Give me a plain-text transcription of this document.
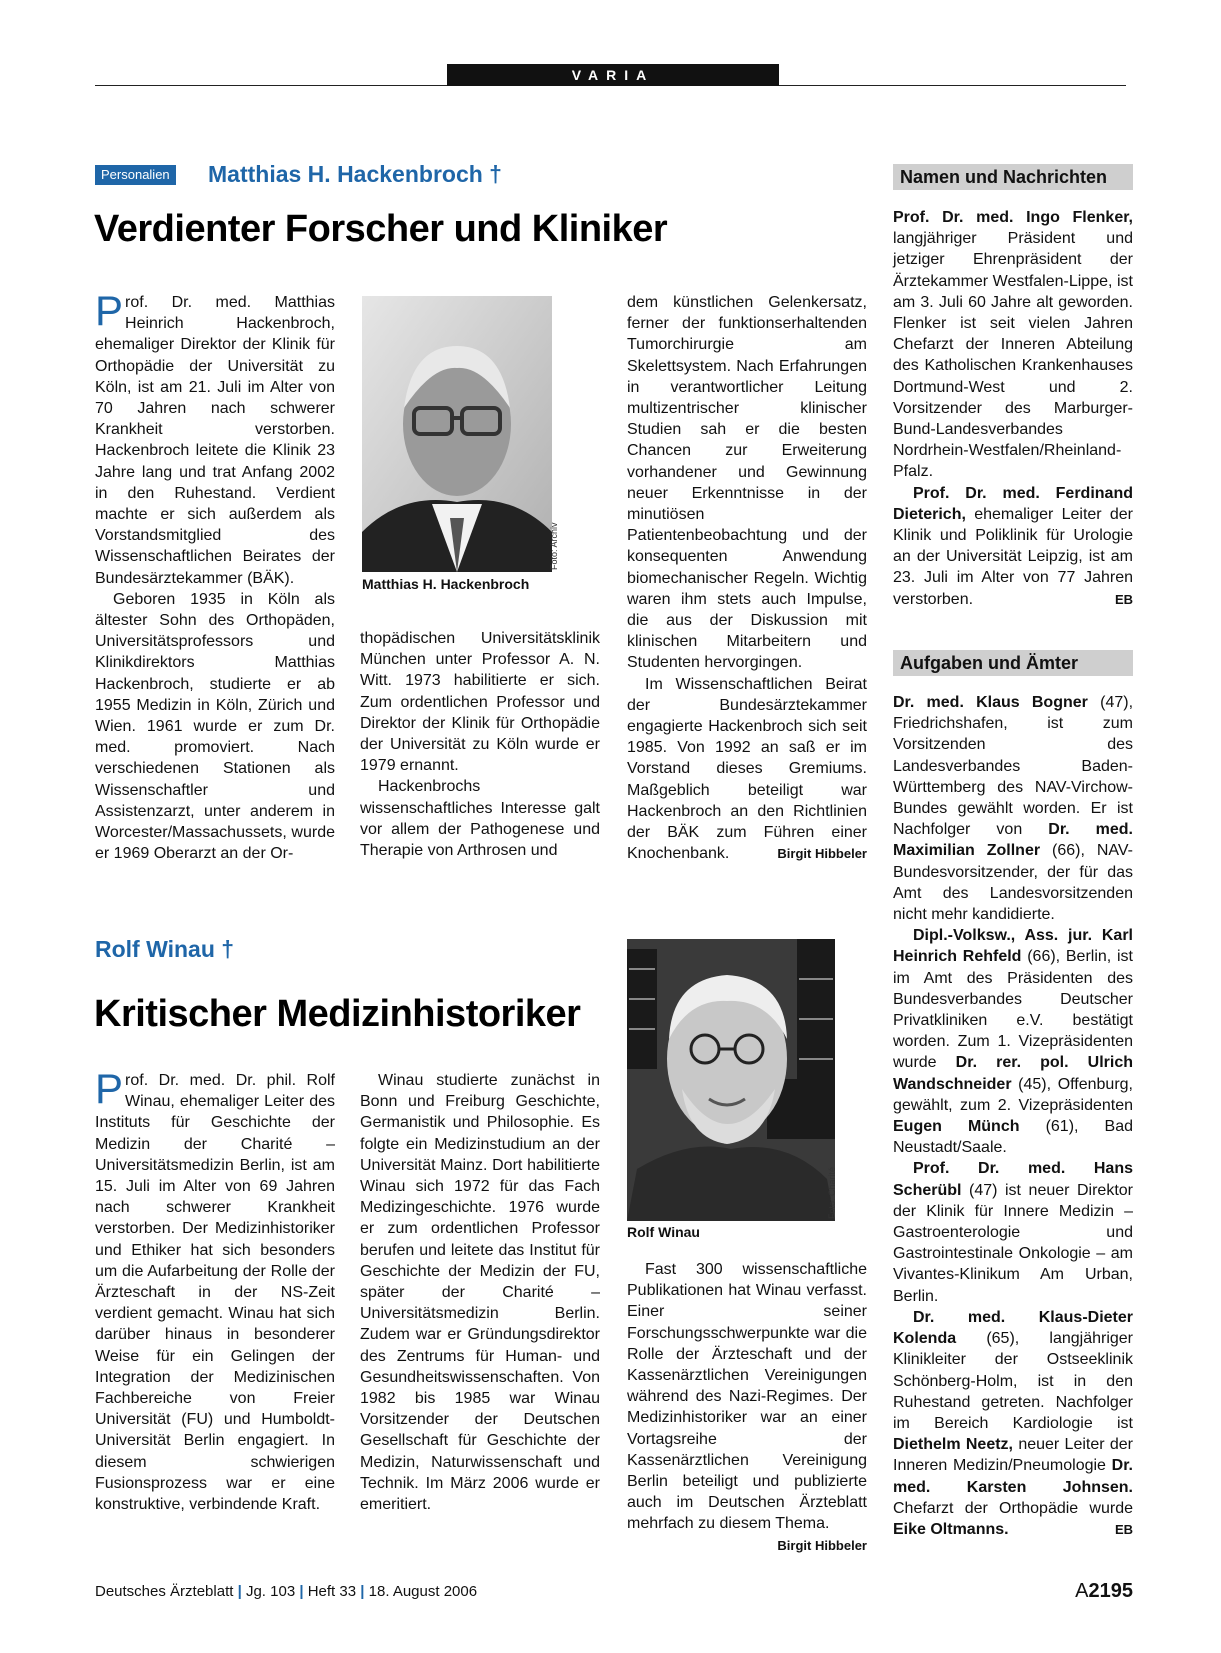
VARIA
Personalien Matthias H. Hackenbroch †
Verdienter Forscher und Kliniker

Prof. Dr. med. Matthias Heinrich Hackenbroch, ehemaliger Direktor der Klinik für Orthopädie der Universität zu Köln, ist am 21. Juli im Alter von 70 Jahren nach schwerer Krankheit verstorben. Hackenbroch leitete die Klinik 23 Jahre lang und trat Anfang 2002 in den Ruhestand. Verdient machte er sich außerdem als Vorstandsmitglied des Wissenschaftlichen Beirates der Bundesärztekammer (BÄK).

Geboren 1935 in Köln als ältester Sohn des Orthopäden, Universitätsprofessors und Klinikdirektors Matthias Hackenbroch, studierte er ab 1955 Medizin in Köln, Zürich und Wien. 1961 wurde er zum Dr. med. promoviert. Nach verschiedenen Stationen als Wissenschaftler und Assistenzarzt, unter anderem in Worcester/Massachussets, wurde er 1969 Oberarzt an der Or-

Foto: Archiv
Matthias H. Hackenbroch

thopädischen Universitätsklinik München unter Professor A. N. Witt. 1973 habilitierte er sich. Zum ordentlichen Professor und Direktor der Klinik für Orthopädie der Universität zu Köln wurde er 1979 ernannt.

Hackenbrochs wissenschaftliches Interesse galt vor allem der Pathogenese und Therapie von Arthrosen und

dem künstlichen Gelenkersatz, ferner der funktionserhaltenden Tumorchirurgie am Skelettsystem. Nach Erfahrungen in verantwortlicher Leitung multizentrischer klinischer Studien sah er die besten Chancen zur Erweiterung vorhandener und Gewinnung neuer Erkenntnisse in der minutiösen Patientenbeobachtung und der konsequenten Anwendung biomechanischer Regeln. Wichtig waren ihm stets auch Impulse, die aus der Diskussion mit klinischen Mitarbeitern und Studenten hervorgingen.

Im Wissenschaftlichen Beirat der Bundesärztekammer engagierte Hackenbroch sich seit 1985. Von 1992 an saß er im Vorstand dieses Gremiums. Maßgeblich beteiligt war Hackenbroch an den Richtlinien der BÄK zum Führen einer Knochenbank.	Birgit Hibbeler

Rolf Winau †
Kritischer Medizinhistoriker

Prof. Dr. med. Dr. phil. Rolf Winau, ehemaliger Leiter des Instituts für Geschichte der Medizin der Charité – Universitätsmedizin Berlin, ist am 15. Juli im Alter von 69 Jahren nach schwerer Krankheit verstorben. Der Medizinhistoriker und Ethiker hat sich besonders um die Aufarbeitung der Rolle der Ärzteschaft in der NS-Zeit verdient gemacht. Winau hat sich darüber hinaus in besonderer Weise für ein Gelingen der Integration der Medizinischen Fachbereiche von Freier Universität (FU) und Humboldt-Universität Berlin engagiert. In diesem schwierigen Fusionsprozess war er eine konstruktive, verbindende Kraft.

Winau studierte zunächst in Bonn und Freiburg Geschichte, Germanistik und Philosophie. Es folgte ein Medizinstudium an der Universität Mainz. Dort habilitierte Winau sich 1972 für das Fach Medizingeschichte. 1976 wurde er zum ordentlichen Professor berufen und leitete das Institut für Geschichte der Medizin der FU, später der Charité – Universitätsmedizin Berlin. Zudem war er Gründungsdirektor des Zentrums für Human- und Gesundheitswissenschaften. Von 1982 bis 1985 war Winau Vorsitzender der Deutschen Gesellschaft für Geschichte der Medizin, Naturwissenschaft und Technik. Im März 2006 wurde er emeritiert.

Foto: Charité
Rolf Winau

Fast 300 wissenschaftliche Publikationen hat Winau verfasst. Einer seiner Forschungsschwerpunkte war die Rolle der Ärzteschaft und der Kassenärztlichen Vereinigungen während des Nazi-Regimes. Der Medizinhistoriker war an einer Vortagsreihe der Kassenärztlichen Vereinigung Berlin beteiligt und publizierte auch im Deutschen Ärzteblatt mehrfach zu diesem Thema.
Birgit Hibbeler

Namen und Nachrichten

Prof. Dr. med. Ingo Flenker, langjähriger Präsident und jetziger Ehrenpräsident der Ärztekammer Westfalen-Lippe, ist am 3. Juli 60 Jahre alt geworden. Flenker ist seit vielen Jahren Chefarzt der Inneren Abteilung des Katholischen Krankenhauses Dortmund-West und 2. Vorsitzender des Marburger-Bund-Landesverbandes Nordrhein-Westfalen/Rheinland-Pfalz.

Prof. Dr. med. Ferdinand Dieterich, ehemaliger Leiter der Klinik und Poliklinik für Urologie an der Universität Leipzig, ist am 23. Juli im Alter von 77 Jahren verstorben.	EB

Aufgaben und Ämter

Dr. med. Klaus Bogner (47), Friedrichshafen, ist zum Vorsitzenden des Landesverbandes Baden-Württemberg des NAV-Virchow-Bundes gewählt worden. Er ist Nachfolger von Dr. med. Maximilian Zollner (66), NAV-Bundesvorsitzender, der für das Amt des Landesvorsitzenden nicht mehr kandidierte.

Dipl.-Volksw., Ass. jur. Karl Heinrich Rehfeld (66), Berlin, ist im Amt des Präsidenten des Bundesverbandes Deutscher Privatkliniken e.V. bestätigt worden. Zum 1. Vizepräsidenten wurde Dr. rer. pol. Ulrich Wandschneider (45), Offenburg, gewählt, zum 2. Vizepräsidenten Eugen Münch (61), Bad Neustadt/Saale.

Prof. Dr. med. Hans Scherübl (47) ist neuer Direktor der Klinik für Innere Medizin – Gastroenterologie und Gastrointestinale Onkologie – am Vivantes-Klinikum Am Urban, Berlin.

Dr. med. Klaus-Dieter Kolenda (65), langjähriger Klinikleiter der Ostseeklinik Schönberg-Holm, ist in den Ruhestand getreten. Nachfolger im Bereich Kardiologie ist Diethelm Neetz, neuer Leiter der Inneren Medizin/Pneumologie Dr. med. Karsten Johnsen. Chefarzt der Orthopädie wurde Eike Oltmanns.	EB

Deutsches Ärzteblatt | Jg. 103 | Heft 33 | 18. August 2006	A2195
